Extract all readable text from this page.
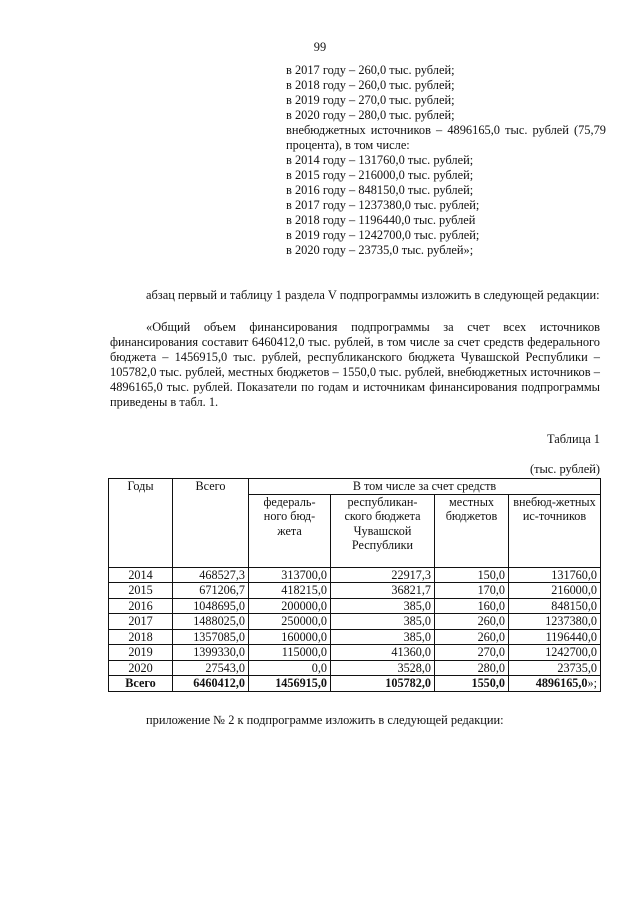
99
в 2017 году – 260,0 тыс. рублей;
в 2018 году – 260,0 тыс. рублей;
в 2019 году – 270,0 тыс. рублей;
в 2020 году – 280,0 тыс. рублей;
внебюджетных источников – 4896165,0 тыс. рублей (75,79 процента), в том числе:
в 2014 году – 131760,0 тыс. рублей;
в 2015 году – 216000,0 тыс. рублей;
в 2016 году – 848150,0 тыс. рублей;
в 2017 году – 1237380,0 тыс. рублей;
в 2018 году – 1196440,0 тыс. рублей
в 2019 году – 1242700,0 тыс. рублей;
в 2020 году – 23735,0 тыс. рублей»;
абзац первый и таблицу 1 раздела V подпрограммы изложить в следующей редакции:
«Общий объем финансирования подпрограммы за счет всех источников финансирования составит 6460412,0 тыс. рублей, в том числе за счет средств федерального бюджета – 1456915,0 тыс. рублей, республиканского бюджета Чувашской Республики – 105782,0 тыс. рублей, местных бюджетов – 1550,0 тыс. рублей, внебюджетных источников – 4896165,0 тыс. рублей. Показатели по годам и источникам финансирования подпрограммы приведены в табл. 1.
Таблица 1
(тыс. рублей)
Годы	Всего	В том числе за счет средств			
		федераль-ного бюд-жета	республикан-ского бюджета Чувашской Республики	местных бюджетов	внебюд-жетных ис-точников
2014	468527,3	313700,0	22917,3	150,0	131760,0
2015	671206,7	418215,0	36821,7	170,0	216000,0
2016	1048695,0	200000,0	385,0	160,0	848150,0
2017	1488025,0	250000,0	385,0	260,0	1237380,0
2018	1357085,0	160000,0	385,0	260,0	1196440,0
2019	1399330,0	115000,0	41360,0	270,0	1242700,0
2020	27543,0	0,0	3528,0	280,0	23735,0
Всего	6460412,0	1456915,0	105782,0	1550,0	4896165,0»;
приложение № 2 к подпрограмме изложить в следующей редакции:
